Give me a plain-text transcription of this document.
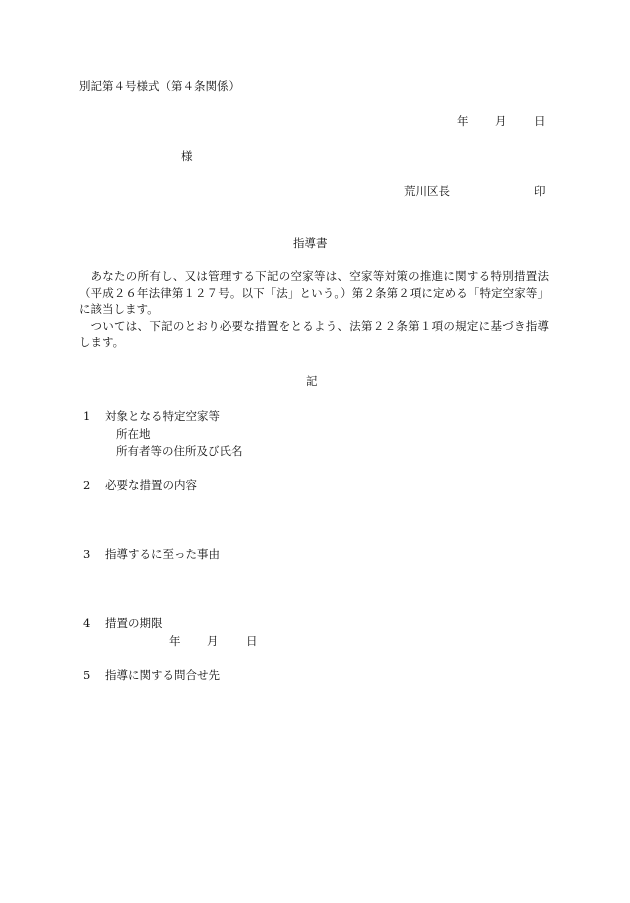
別記第４号様式（第４条関係）
年 月 日
様
荒川区長	印
指導書

あなたの所有し、又は管理する下記の空家等は、空家等対策の推進に関する特別措置法（平成２６年法律第１２７号。以下「法」という。）第２条第２項に定める「特定空家等」に該当します。

ついては、下記のとおり必要な措置をとるよう、法第２２条第１項の規定に基づき指導します。

記
1 対象となる特定空家等
所在地
所有者等の住所及び氏名
2 必要な措置の内容
3 指導するに至った事由
4 措置の期限
年 月 日
5 指導に関する問合せ先
